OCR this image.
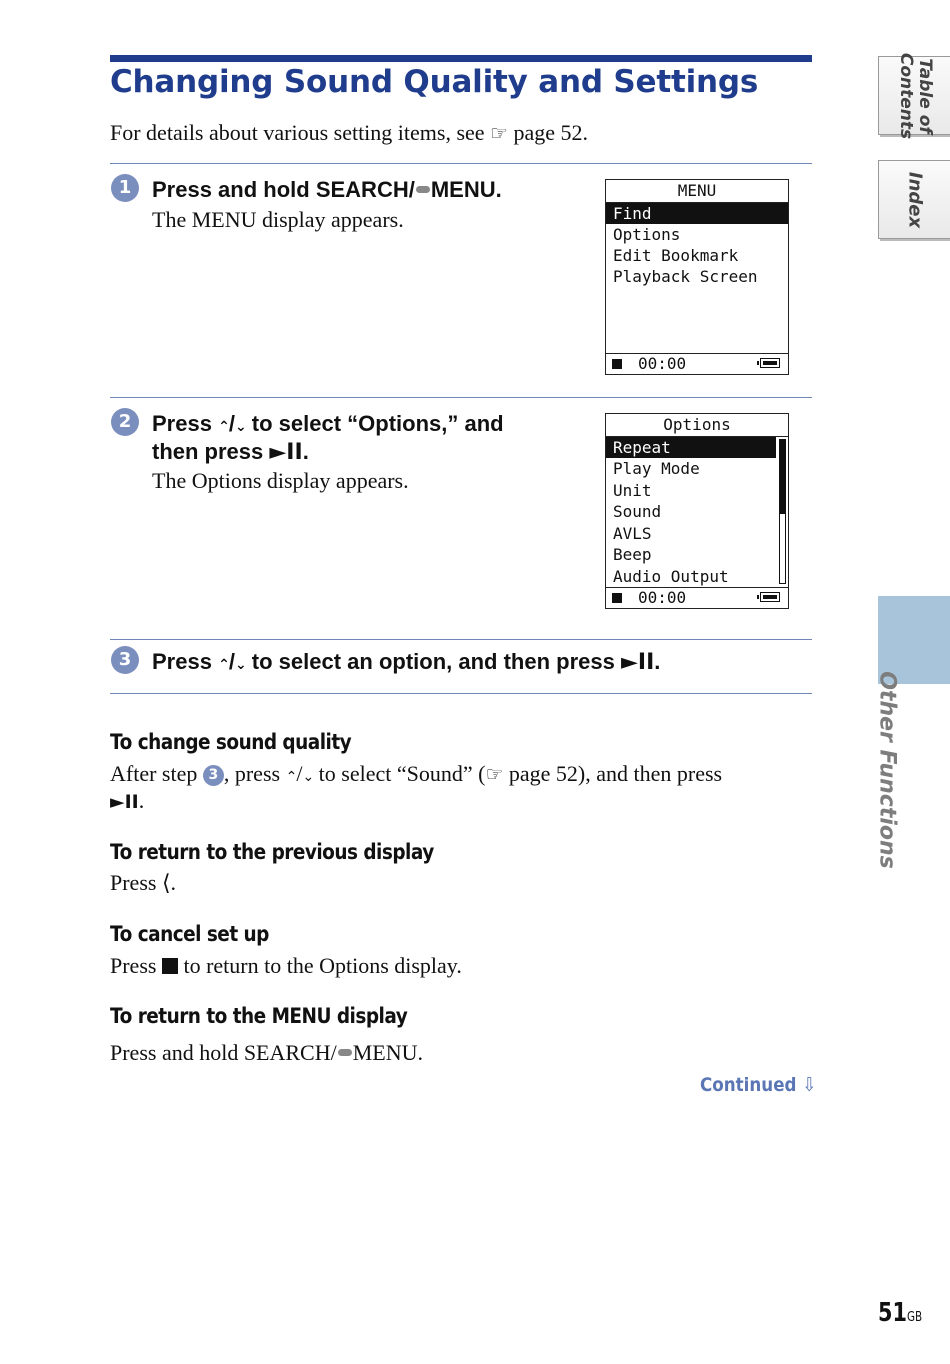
Changing Sound Quality and Settings
For details about various setting items, see ☞ page 52.
1 Press and hold SEARCH/ MENU.
The MENU display appears.
MENU
Find
Options
Edit Bookmark
Playback Screen
00:00
2 Press ⌃/⌄ to select “Options,” and
then press ►II.
The Options display appears.
Options
Repeat
Play Mode
Unit
Sound
AVLS
Beep
Audio Output
00:00
3 Press ⌃/⌄ to select an option, and then press ►II.
To change sound quality
After step 3 , press ⌃/⌄ to select “Sound” (☞ page 52), and then press
►II.
To return to the previous display
Press ⟨.
To cancel set up
Press to return to the Options display.
To return to the MENU display
Press and hold SEARCH/ MENU.
Continued ⇩
Table of
Contents
Index
Other Functions
51GB
